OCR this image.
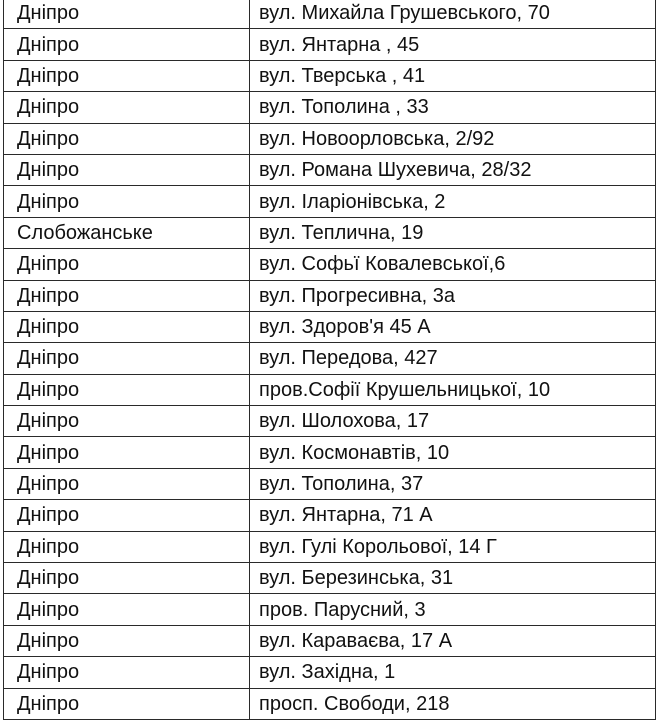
Дніпро	вул. Михайла Грушевського, 70
Дніпро	вул. Янтарна , 45
Дніпро	вул. Тверська , 41
Дніпро	вул. Тополина , 33
Дніпро	вул. Новоорловська, 2/92
Дніпро	вул. Романа Шухевича, 28/32
Дніпро	вул. Іларіонівська, 2
Слобожанське	вул. Теплична, 19
Дніпро	вул. Софьї Ковалевської,6
Дніпро	вул. Прогресивна, 3а
Дніпро	вул. Здоров'я 45 А
Дніпро	вул. Передова, 427
Дніпро	пров.Софії Крушельницької, 10
Дніпро	вул. Шолохова, 17
Дніпро	вул. Космонавтів, 10
Дніпро	вул. Тополина, 37
Дніпро	вул. Янтарна, 71 А
Дніпро	вул. Гулі Корольової, 14 Г
Дніпро	вул. Березинська, 31
Дніпро	пров. Парусний, 3
Дніпро	вул. Караваєва, 17 А
Дніпро	вул. Західна, 1
Дніпро	просп. Свободи, 218
